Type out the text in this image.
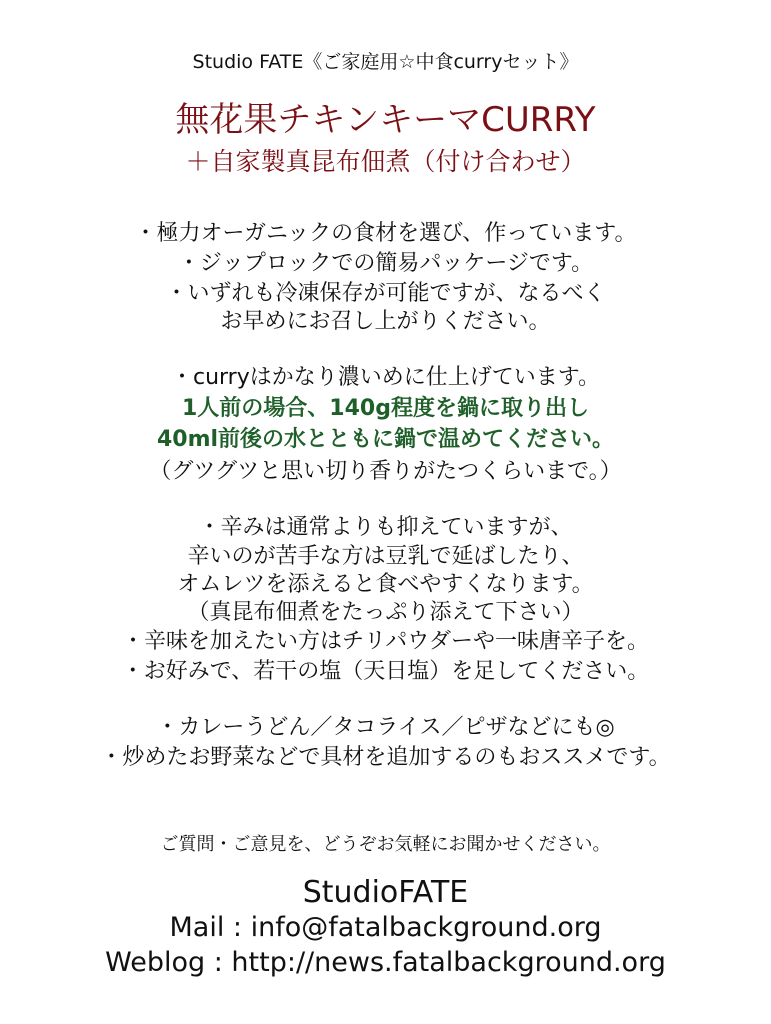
Studio FATE《ご家庭用☆中食curryセット》
無花果チキンキーマCURRY
＋自家製真昆布佃煮（付け合わせ）
・極力オーガニックの食材を選び、作っています。
・ジップロックでの簡易パッケージです。
・いずれも冷凍保存が可能ですが、なるべく
お早めにお召し上がりください。
・curryはかなり濃いめに仕上げています。
1人前の場合、140g程度を鍋に取り出し
40ml前後の水とともに鍋で温めてください。
（グツグツと思い切り香りがたつくらいまで。）
・辛みは通常よりも抑えていますが、
辛いのが苦手な方は豆乳で延ばしたり、
オムレツを添えると食べやすくなります。
（真昆布佃煮をたっぷり添えて下さい）
・辛味を加えたい方はチリパウダーや一味唐辛子を。
・お好みで、若干の塩（天日塩）を足してください。
・カレーうどん／タコライス／ピザなどにも◎
・炒めたお野菜などで具材を追加するのもおススメです。
ご質問・ご意見を、どうぞお気軽にお聞かせください。
StudioFATE
Mail : info@fatalbackground.org
Weblog : http://news.fatalbackground.org
